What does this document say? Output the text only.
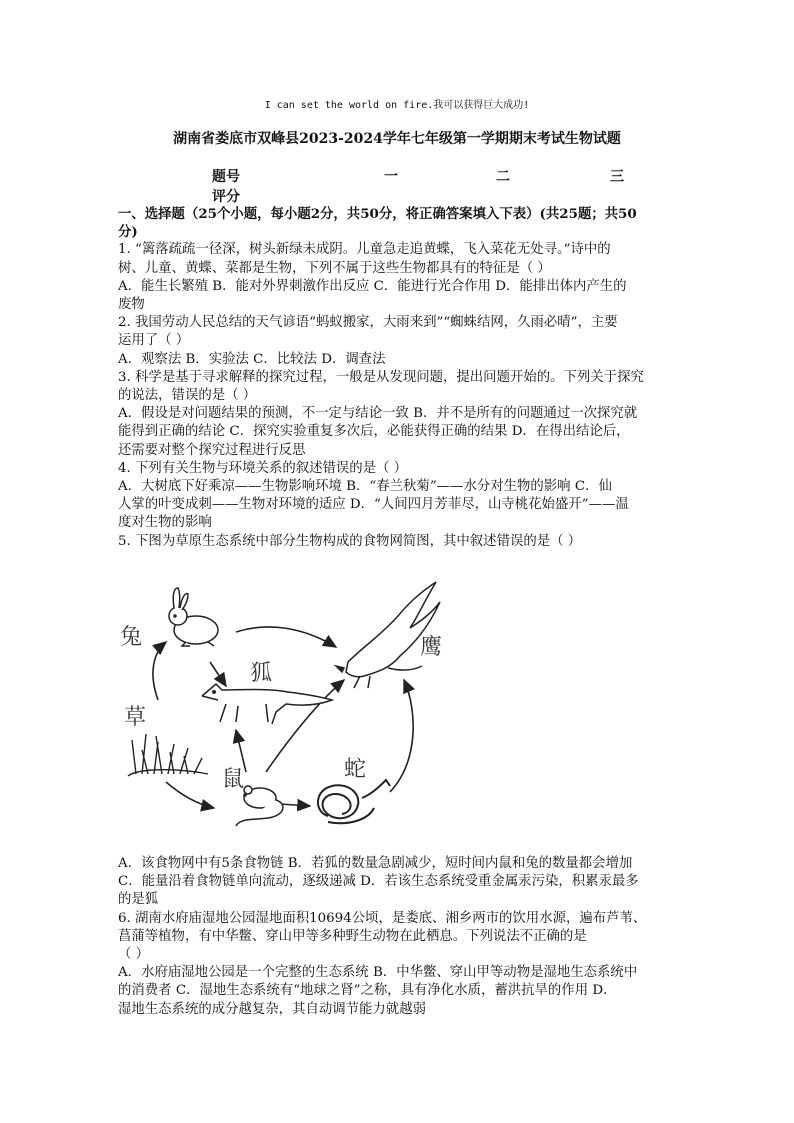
I can set the world on fire.我可以获得巨大成功!
湖南省娄底市双峰县2023-2024学年七年级第一学期期末考试生物试题
题号	一	二	三
评分
一、选择题（25个小题，每小题2分，共50分，将正确答案填入下表）(共25题；共50
分)
1. “篱落疏疏一径深，树头新绿未成阴。儿童急走追黄蝶，飞入菜花无处寻。”诗中的
树、儿童、黄蝶、菜都是生物，下列不属于这些生物都具有的特征是（ ）
A．能生长繁殖 B．能对外界刺激作出反应 C．能进行光合作用 D．能排出体内产生的
废物
2. 我国劳动人民总结的天气谚语“蚂蚁搬家，大雨来到”“蜘蛛结网，久雨必晴”，主要
运用了（ ）
A．观察法 B．实验法 C．比较法 D．调查法
3. 科学是基于寻求解释的探究过程，一般是从发现问题，提出问题开始的。下列关于探究
的说法，错误的是（ ）
A．假设是对问题结果的预测，不一定与结论一致 B．并不是所有的问题通过一次探究就
能得到正确的结论 C．探究实验重复多次后，必能获得正确的结果 D．在得出结论后，
还需要对整个探究过程进行反思
4. 下列有关生物与环境关系的叙述错误的是（ ）
A．大树底下好乘凉——生物影响环境 B．“春兰秋菊”——水分对生物的影响 C．仙
人掌的叶变成刺——生物对环境的适应 D．“人间四月芳菲尽，山寺桃花始盛开”——温
度对生物的影响
5. 下图为草原生态系统中部分生物构成的食物网简图，其中叙述错误的是（ ）
兔
狐
鹰
草
鼠	蛇
A．该食物网中有5条食物链 B．若狐的数量急剧减少，短时间内鼠和兔的数量都会增加
C．能量沿着食物链单向流动，逐级递减 D．若该生态系统受重金属汞污染，积累汞最多
的是狐
6. 湖南水府庙湿地公园湿地面积10694公顷，是娄底、湘乡两市的饮用水源，遍布芦苇、
菖蒲等植物，有中华鳖、穿山甲等多种野生动物在此栖息。下列说法不正确的是
（ ）
A．水府庙湿地公园是一个完整的生态系统 B．中华鳖、穿山甲等动物是湿地生态系统中
的消费者 C．湿地生态系统有“地球之肾”之称，具有净化水质，蓄洪抗旱的作用 D．
湿地生态系统的成分越复杂，其自动调节能力就越弱
